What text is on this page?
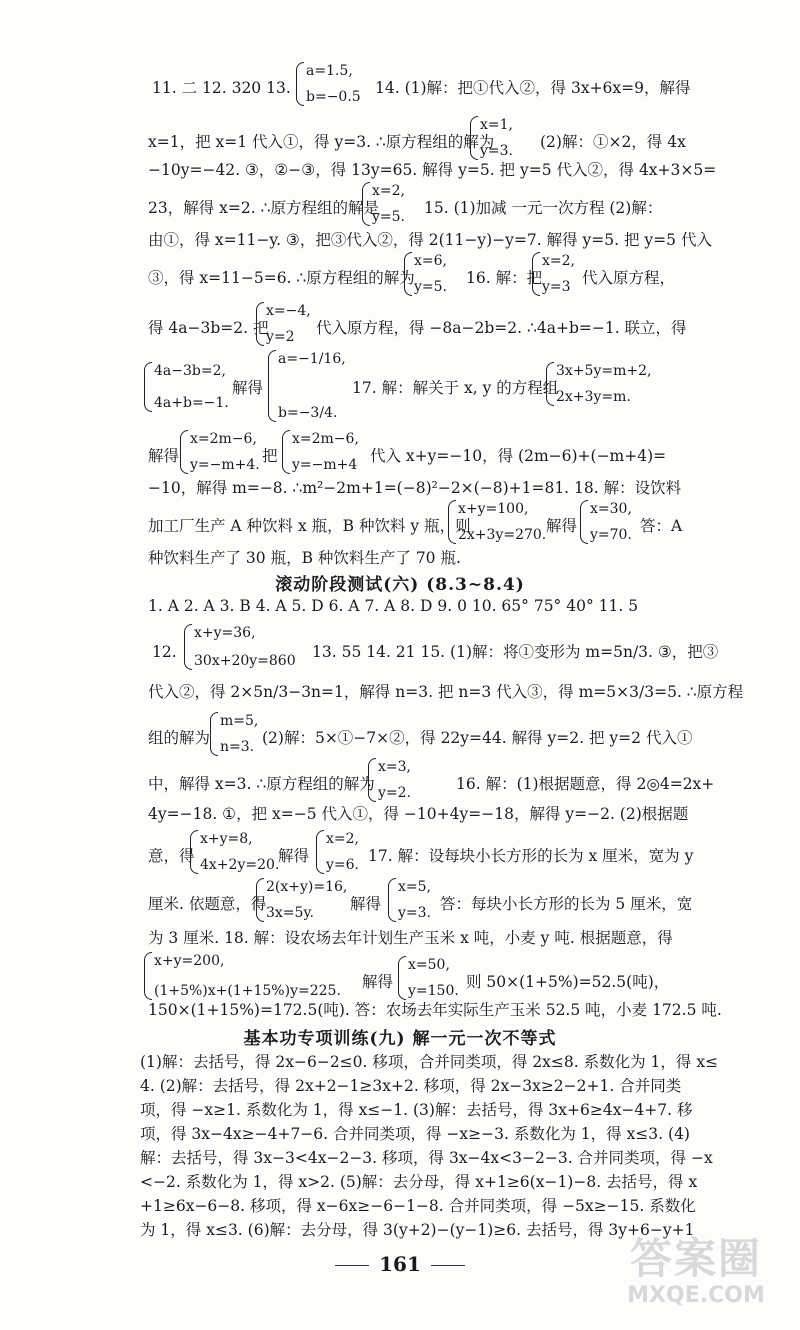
11. 二 12. 320 13.
a=1.5,
b=−0.5 14. (1)解：把①代入②，得 3x+6x=9，解得
x=1，把 x=1 代入①，得 y=3. ∴原方程组的解为
x=1,
y=3. (2)解：①×2，得 4x
−10y=−42. ③，②−③，得 13y=65. 解得 y=5. 把 y=5 代入②，得 4x+3×5=
23，解得 x=2. ∴原方程组的解是
x=2,
y=5. 15. (1)加减 一元一次方程 (2)解：
由①，得 x=11−y. ③，把③代入②，得 2(11−y)−y=7. 解得 y=5. 把 y=5 代入
③，得 x=11−5=6. ∴原方程组的解为
x=6,
y=5. 16. 解：把
x=2,
y=3 代入原方程，
得 4a−3b=2. 把
x=−4,
y=2	代入原方程，得 −8a−2b=2. ∴4a+b=−1. 联立，得
4a−3b=2,
4a+b=−1.
解得
a=−1/16,
b=−3/4.
17. 解：解关于 x, y 的方程组
3x+5y=m+2,
2x+3y=m.
解得
x=2m−6,
y=−m+4. 把
x=2m−6,
y=−m+4 代入 x+y=−10，得 (2m−6)+(−m+4)=
−10，解得 m=−8. ∴m²−2m+1=(−8)²−2×(−8)+1=81. 18. 解：设饮料
加工厂生产 A 种饮料 x 瓶，B 种饮料 y 瓶，则
x+y=100,
2x+3y=270. 解得
x=30,
y=70. 答：A
种饮料生产了 30 瓶，B 种饮料生产了 70 瓶.
滚动阶段测试(六) (8.3~8.4)
1. A 2. A 3. B 4. A 5. D 6. A 7. A 8. D 9. 0 10. 65° 75° 40° 11. 5
12.
x+y=36,
30x+20y=860 13. 55 14. 21 15. (1)解：将①变形为 m=5n/3. ③，把③
代入②，得 2×5n/3−3n=1，解得 n=3. 把 n=3 代入③，得 m=5×3/3=5. ∴原方程
组的解为
m=5,
n=3. (2)解：5×①−7×②，得 22y=44. 解得 y=2. 把 y=2 代入①
中，解得 x=3. ∴原方程组的解为
x=3,
y=2.	16. 解：(1)根据题意，得 2◎4=2x+
4y=−18. ①，把 x=−5 代入①，得 −10+4y=−18，解得 y=−2. (2)根据题
意，得
x+y=8,
4x+2y=20.
解得
x=2,
y=6. 17. 解：设每块小长方形的长为 x 厘米，宽为 y
厘米. 依题意，得
2(x+y)=16,
3x=5y.	解得
x=5,
y=3. 答：每块小长方形的长为 5 厘米，宽
为 3 厘米. 18. 解：设农场去年计划生产玉米 x 吨，小麦 y 吨. 根据题意，得
x+y=200,
(1+5%)x+(1+15%)y=225. 解得
x=50,
y=150. 则 50×(1+5%)=52.5(吨)，
150×(1+15%)=172.5(吨). 答：农场去年实际生产玉米 52.5 吨，小麦 172.5 吨.
基本功专项训练(九) 解一元一次不等式
(1)解：去括号，得 2x−6−2≤0. 移项，合并同类项，得 2x≤8. 系数化为 1，得 x≤
4. (2)解：去括号，得 2x+2−1≥3x+2. 移项，得 2x−3x≥2−2+1. 合并同类
项，得 −x≥1. 系数化为 1，得 x≤−1. (3)解：去括号，得 3x+6≥4x−4+7. 移
项，得 3x−4x≥−4+7−6. 合并同类项，得 −x≥−3. 系数化为 1，得 x≤3. (4)
解：去括号，得 3x−3<4x−2−3. 移项，得 3x−4x<3−2−3. 合并同类项，得 −x
<−2. 系数化为 1，得 x>2. (5)解：去分母，得 x+1≥6(x−1)−8. 去括号，得 x
+1≥6x−6−8. 移项，得 x−6x≥−6−1−8. 合并同类项，得 −5x≥−15. 系数化
为 1，得 x≤3. (6)解：去分母，得 3(y+2)−(y−1)≥6. 去括号，得 3y+6−y+1
161	答案圈
MXQE.COM
